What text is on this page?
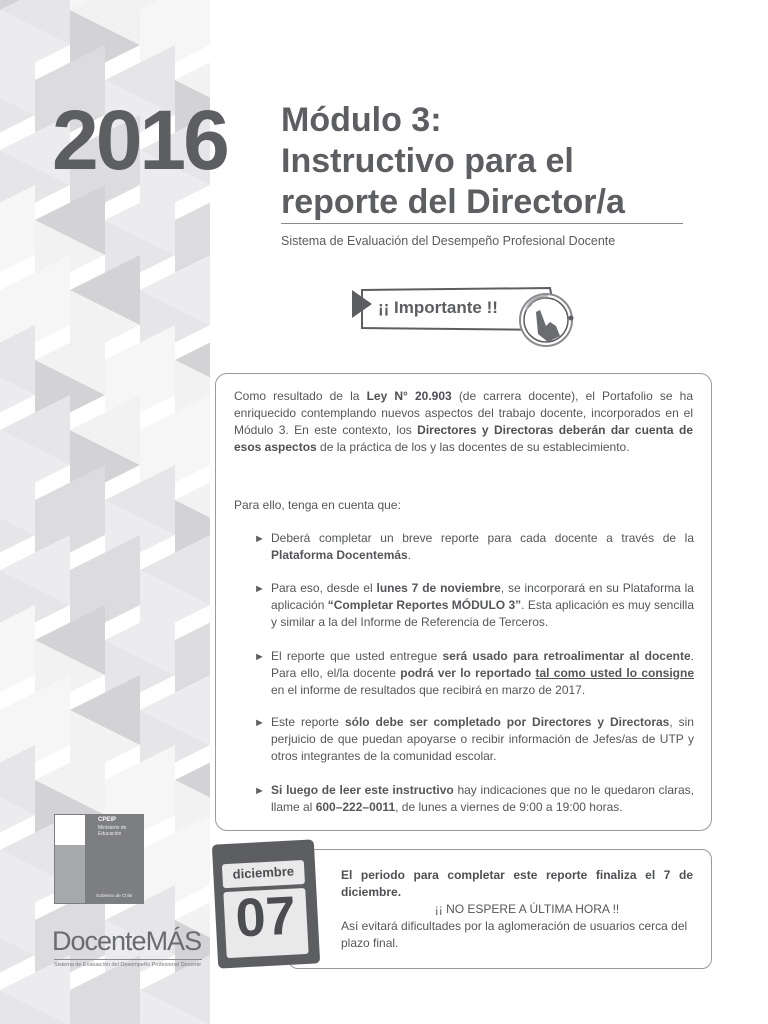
2016 Módulo 3:
Instructivo para el
reporte del Director/a
Sistema de Evaluación del Desempeño Profesional Docente
¡¡ Importante !!
Como resultado de la Ley N° 20.903 (de carrera docente), el Portafolio se ha enriquecido contemplando nuevos aspectos del trabajo docente, incorporados en el Módulo 3. En este contexto, los Directores y Directoras deberán dar cuenta de esos aspectos de la práctica de los y las docentes de su establecimiento.
Para ello, tenga en cuenta que:
► Deberá completar un breve reporte para cada docente a través de la Plataforma Docentemás.
► Para eso, desde el lunes 7 de noviembre, se incorporará en su Plataforma la aplicación “Completar Reportes MÓDULO 3”. Esta aplicación es muy sencilla y similar a la del Informe de Referencia de Terceros.
► El reporte que usted entregue será usado para retroalimentar al docente. Para ello, el/la docente podrá ver lo reportado tal como usted lo consigne en el informe de resultados que recibirá en marzo de 2017.
► Este reporte sólo debe ser completado por Directores y Directoras, sin perjuicio de que puedan apoyarse o recibir información de Jefes/as de UTP y otros integrantes de la comunidad escolar.
► Si luego de leer este instructivo hay indicaciones que no le quedaron claras, llame al 600–222–0011, de lunes a viernes de 9:00 a 19:00 horas.
CPEIP
Ministerio de Educación
Gobierno de Chile
DocenteMÁS
Sistema de Evaluación del Desempeño Profesional Docente
diciembre
07
El periodo para completar este reporte finaliza el 7 de diciembre.
¡¡ NO ESPERE A ÚLTIMA HORA !!
Así evitará dificultades por la aglomeración de usuarios cerca del plazo final.
